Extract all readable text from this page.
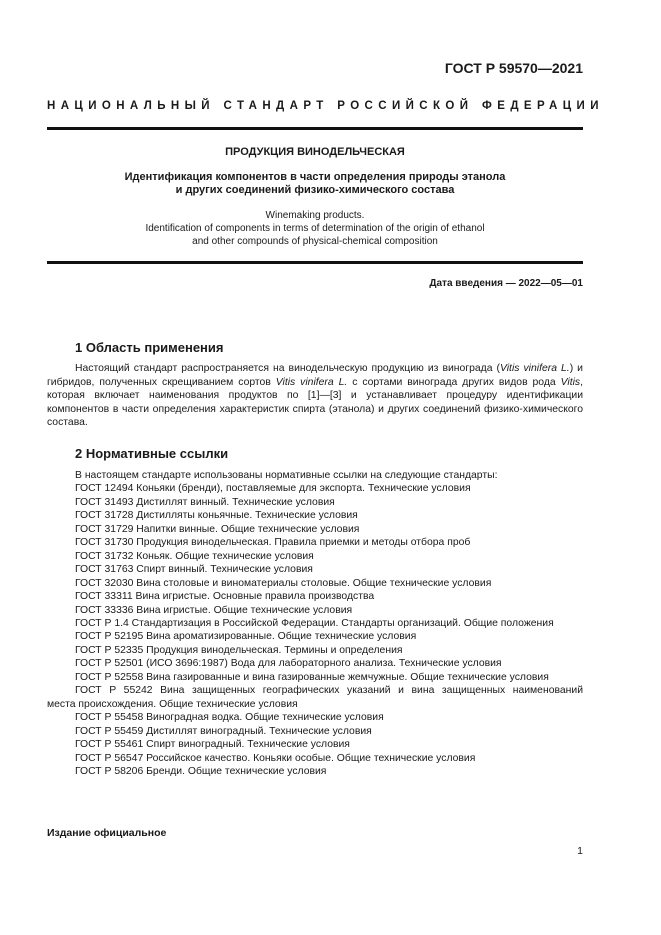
ГОСТ Р 59570—2021
НАЦИОНАЛЬНЫЙ СТАНДАРТ РОССИЙСКОЙ ФЕДЕРАЦИИ
ПРОДУКЦИЯ ВИНОДЕЛЬЧЕСКАЯ
Идентификация компонентов в части определения природы этанола
и других соединений физико-химического состава
Winemaking products.
Identification of components in terms of determination of the origin of ethanol
and other compounds of physical-chemical composition
Дата введения — 2022—05—01
1 Область применения

Настоящий стандарт распространяется на винодельческую продукцию из винограда (Vitis vinifera L.) и гибридов, полученных скрещиванием сортов Vitis vinifera L. с сортами винограда других видов рода Vitis, которая включает наименования продуктов по [1]—[3] и устанавливает процедуру идентификации компонентов в части определения характеристик спирта (этанола) и других соединений физико-химического состава.

2 Нормативные ссылки
В настоящем стандарте использованы нормативные ссылки на следующие стандарты:
ГОСТ 12494 Коньяки (бренди), поставляемые для экспорта. Технические условия
ГОСТ 31493 Дистиллят винный. Технические условия
ГОСТ 31728 Дистилляты коньячные. Технические условия
ГОСТ 31729 Напитки винные. Общие технические условия
ГОСТ 31730 Продукция винодельческая. Правила приемки и методы отбора проб
ГОСТ 31732 Коньяк. Общие технические условия
ГОСТ 31763 Спирт винный. Технические условия
ГОСТ 32030 Вина столовые и виноматериалы столовые. Общие технические условия
ГОСТ 33311 Вина игристые. Основные правила производства
ГОСТ 33336 Вина игристые. Общие технические условия
ГОСТ Р 1.4 Стандартизация в Российской Федерации. Стандарты организаций. Общие положения
ГОСТ Р 52195 Вина ароматизированные. Общие технические условия
ГОСТ Р 52335 Продукция винодельческая. Термины и определения
ГОСТ Р 52501 (ИСО 3696:1987) Вода для лабораторного анализа. Технические условия
ГОСТ Р 52558 Вина газированные и вина газированные жемчужные. Общие технические условия
ГОСТ Р 55242 Вина защищенных географических указаний и вина защищенных наименований
места происхождения. Общие технические условия
ГОСТ Р 55458 Виноградная водка. Общие технические условия
ГОСТ Р 55459 Дистиллят виноградный. Технические условия
ГОСТ Р 55461 Спирт виноградный. Технические условия
ГОСТ Р 56547 Российское качество. Коньяки особые. Общие технические условия
ГОСТ Р 58206 Бренди. Общие технические условия
Издание официальное
1
